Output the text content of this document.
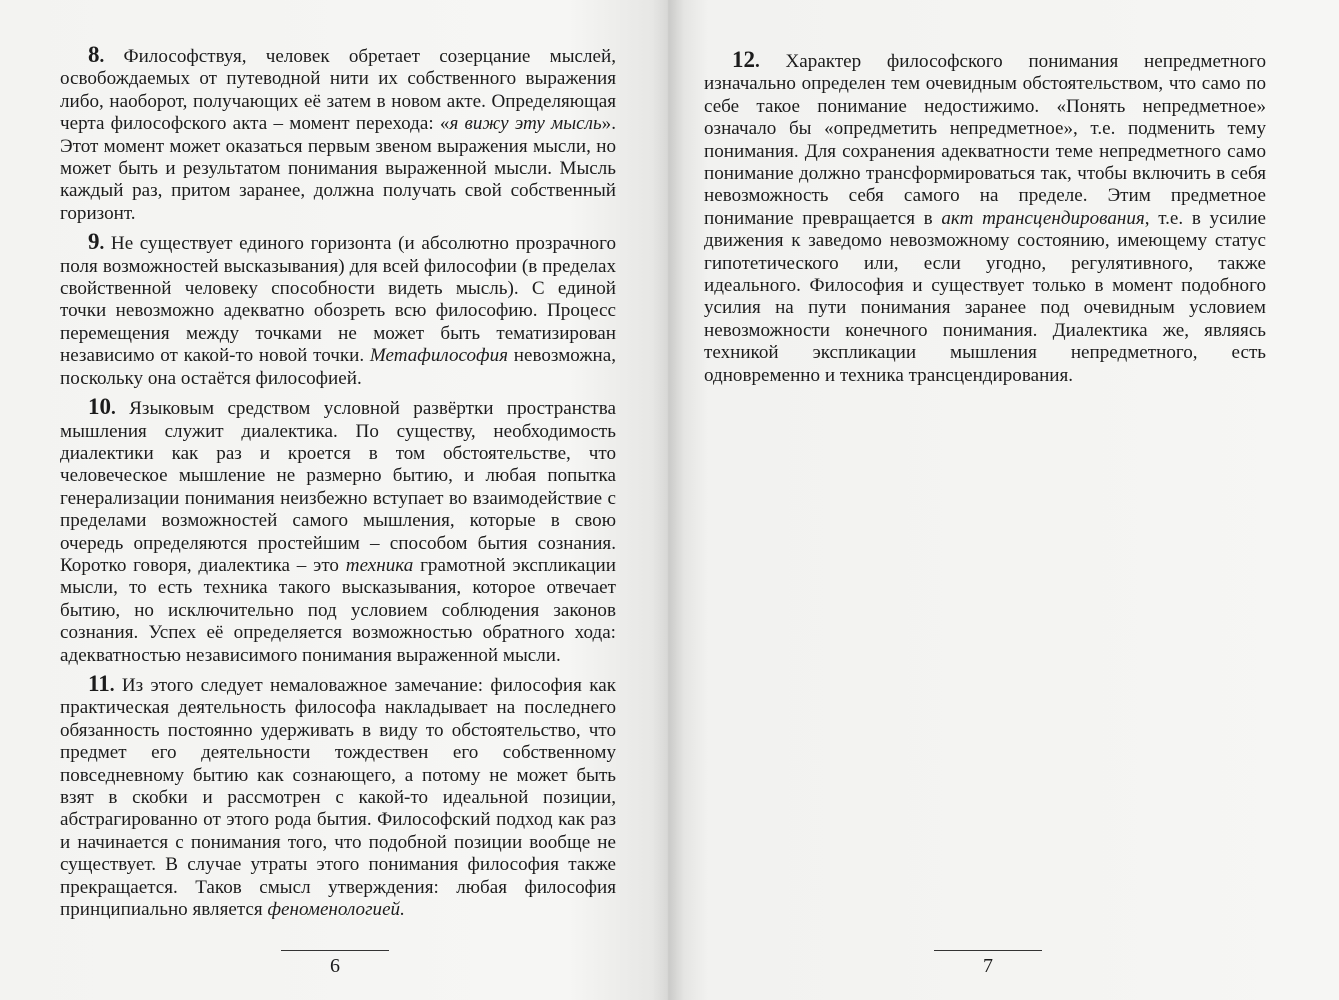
8. Философствуя, человек обретает созерцание мыслей, освобождаемых от путеводной нити их собственного выражения либо, наоборот, получающих её затем в новом акте. Определяющая черта философского акта – момент перехода: «я вижу эту мысль». Этот момент может оказаться первым звеном выражения мысли, но может быть и результатом понимания выраженной мысли. Мысль каждый раз, притом заранее, должна получать свой собственный горизонт.

9. Не существует единого горизонта (и абсолютно прозрачного поля возможностей высказывания) для всей философии (в пределах свойственной человеку способности видеть мысль). С единой точки невозможно адекватно обозреть всю философию. Процесс перемещения между точками не может быть тематизирован независимо от какой-то новой точки. Метафилософия невозможна, поскольку она остаётся философией.

10. Языковым средством условной развёртки пространства мышления служит диалектика. По существу, необходимость диалектики как раз и кроется в том обстоятельстве, что человеческое мышление не размерно бытию, и любая попытка генерализации понимания неизбежно вступает во взаимодействие с пределами возможностей самого мышления, которые в свою очередь определяются простейшим – способом бытия сознания. Коротко говоря, диалектика – это техника грамотной экспликации мысли, то есть техника такого высказывания, которое отвечает бытию, но исключительно под условием соблюдения законов сознания. Успех её определяется возможностью обратного хода: адекватностью независимого понимания выраженной мысли.

11. Из этого следует немаловажное замечание: философия как практическая деятельность философа накладывает на последнего обязанность постоянно удерживать в виду то обстоятельство, что предмет его деятельности тождествен его собственному повседневному бытию как сознающего, а потому не может быть взят в скобки и рассмотрен с какой-то идеальной позиции, абстрагированно от этого рода бытия. Философский подход как раз и начинается с понимания того, что подобной позиции вообще не существует. В случае утраты этого понимания философия также прекращается. Таков смысл утверждения: любая философия принципиально является феноменологией.

6

12. Характер философского понимания непредметного изначально определен тем очевидным обстоятельством, что само по себе такое понимание недостижимо. «Понять непредметное» означало бы «опредметить непредметное», т.е. подменить тему понимания. Для сохранения адекватности теме непредметного само понимание должно трансформироваться так, чтобы включить в себя невозможность себя самого на пределе. Этим предметное понимание превращается в акт трансцендирования, т.е. в усилие движения к заведомо невозможному состоянию, имеющему статус гипотетического или, если угодно, регулятивного, также идеального. Философия и существует только в момент подобного усилия на пути понимания заранее под очевидным условием невозможности конечного понимания. Диалектика же, являясь техникой экспликации мышления непредметного, есть одновременно и техника трансцендирования.

7
